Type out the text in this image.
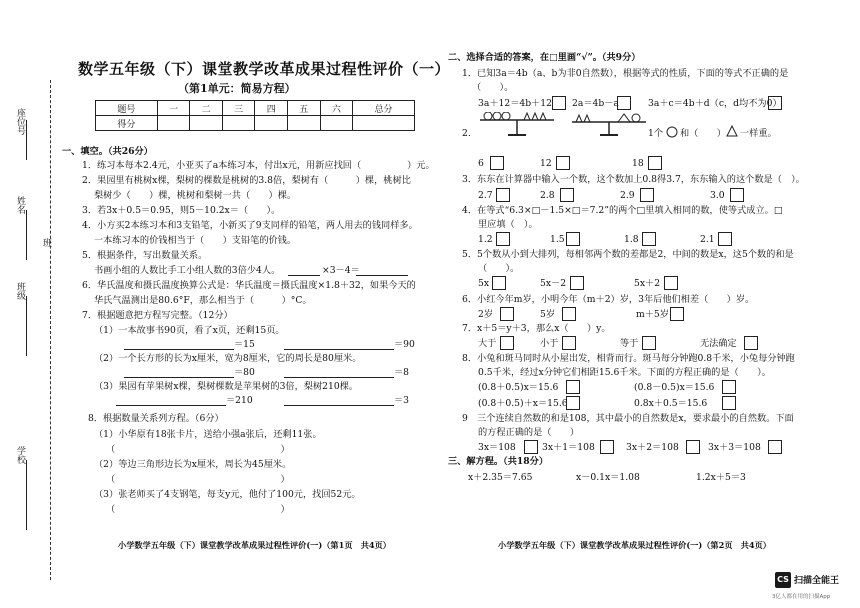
座位号
姓名
班
班级
学校
数学五年级（下）课堂教学改革成果过程性评价（一）
（第1单元：简易方程）
题号	一	二	三	四	五	六	总分
得分							
一、填空。（共26分）
1．练习本每本2.4元，小亚买了a本练习本，付出x元，用新应找回（　　　　　）元。
2．果园里有桃树x棵，梨树的棵数是桃树的3.8倍，梨树有（　　　）棵，桃树比
梨树少（　　）棵，桃树和梨树一共（　　）棵。
3．若3x＋0.5＝0.95，则5－10.2x＝（　　）。
4．小方买2本练习本和3支铅笔，小新买了9支同样的铅笔，两人用去的钱同样多。
一本练习本的价钱相当于（　　）支铅笔的价钱。
5．根据条件，写出数量关系。
书画小组的人数比手工小组人数的3倍少4人。	×3－4＝
6．华氏温度和摄氏温度换算公式是：华氏温度＝摄氏温度×1.8＋32，如果今天的
华氏气温测出是80.6°F，那么相当于（　　　）°C。
7．根据题意把方程写完整。（12分）
（1）一本故事书90页，看了x页，还剩15页。
＝15	＝90
（2）一个长方形的长为x厘米，宽为8厘米，它的周长是80厘米。
＝80	＝8
（3）果园有苹果树x棵，梨树棵数是苹果树的3倍，梨树210棵。
＝210	＝3
8．根据数量关系列方程。（6分）
（1）小华原有18张卡片，送给小强a张后，还剩11张。
（　　　　　　　　　　　　　　　　　　）
（2）等边三角形边长为x厘米，周长为45厘米。
（　　　　　　　　　　　　　　　　　　）
（3）张老师买了4支钢笔，每支y元，他付了100元，找回52元。
（　　　　　　　　　　　　　　　　　　）
小学数学五年级（下）课堂教学改革成果过程性评价(一)（第1页　共4页）
二、选择合适的答案，在□里画“√”。（共9分）
1．已知3a＝4b（a、b为非0自然数），根据等式的性质，下面的等式不正确的是
（　　）。
3a＋12＝4b＋12 2a＝4b－a	3a＋c＝4b＋d（c，d均不为0）
2.	1个 和（　　） 一样重。
6	12	18
3．东东在计算器中输入一个数，这个数加上0.8得3.7，东东输入的这个数是（　）。
2.7	2.8	2.9	3.0
4．在等式“6.3×□－1.5×□＝7.2”的两个□里填入相同的数，使等式成立。□
里应填（　）。
1.2	1.5	1.8	2.1
5．5个数从小到大排列，每相邻两个数的差都是2，中间的数是x，这5个数的和是
（　　）。
5x	5x－2	5x＋2
6．小红今年m岁，小明今年（m＋2）岁，3年后他们相差（　　）岁。
2岁	5岁	m＋5岁
7．x＋5＝y＋3，那么x（　　）y。
大于	小于	等于	无法确定
8．小兔和斑马同时从小屋出发，相背而行。斑马每分钟跑0.8千米，小兔每分钟跑
0.5千米，经过x分钟它们相距15.6千米。下面的方程正确的是（　　）。
(0.8＋0.5)x＝15.6	(0.8－0.5)x＝15.6
(0.8＋0.5)＋x＝15.6	0.8x＋0.5＝15.6
9　三个连续自然数的和是108，其中最小的自然数是x，要求最小的自然数。下面
的方程正确的是（　　）
3x＝108	3x＋1＝108	3x＋2＝108	3x＋3＝108
三、解方程。（共18分）
x＋2.35＝7.65	x－0.1x＝1.08	1.2x＋5＝3
小学数学五年级（下）课堂教学改革成果过程性评价(一)（第2页　共4页）
CS 扫描全能王
3亿人都在用的扫描App
